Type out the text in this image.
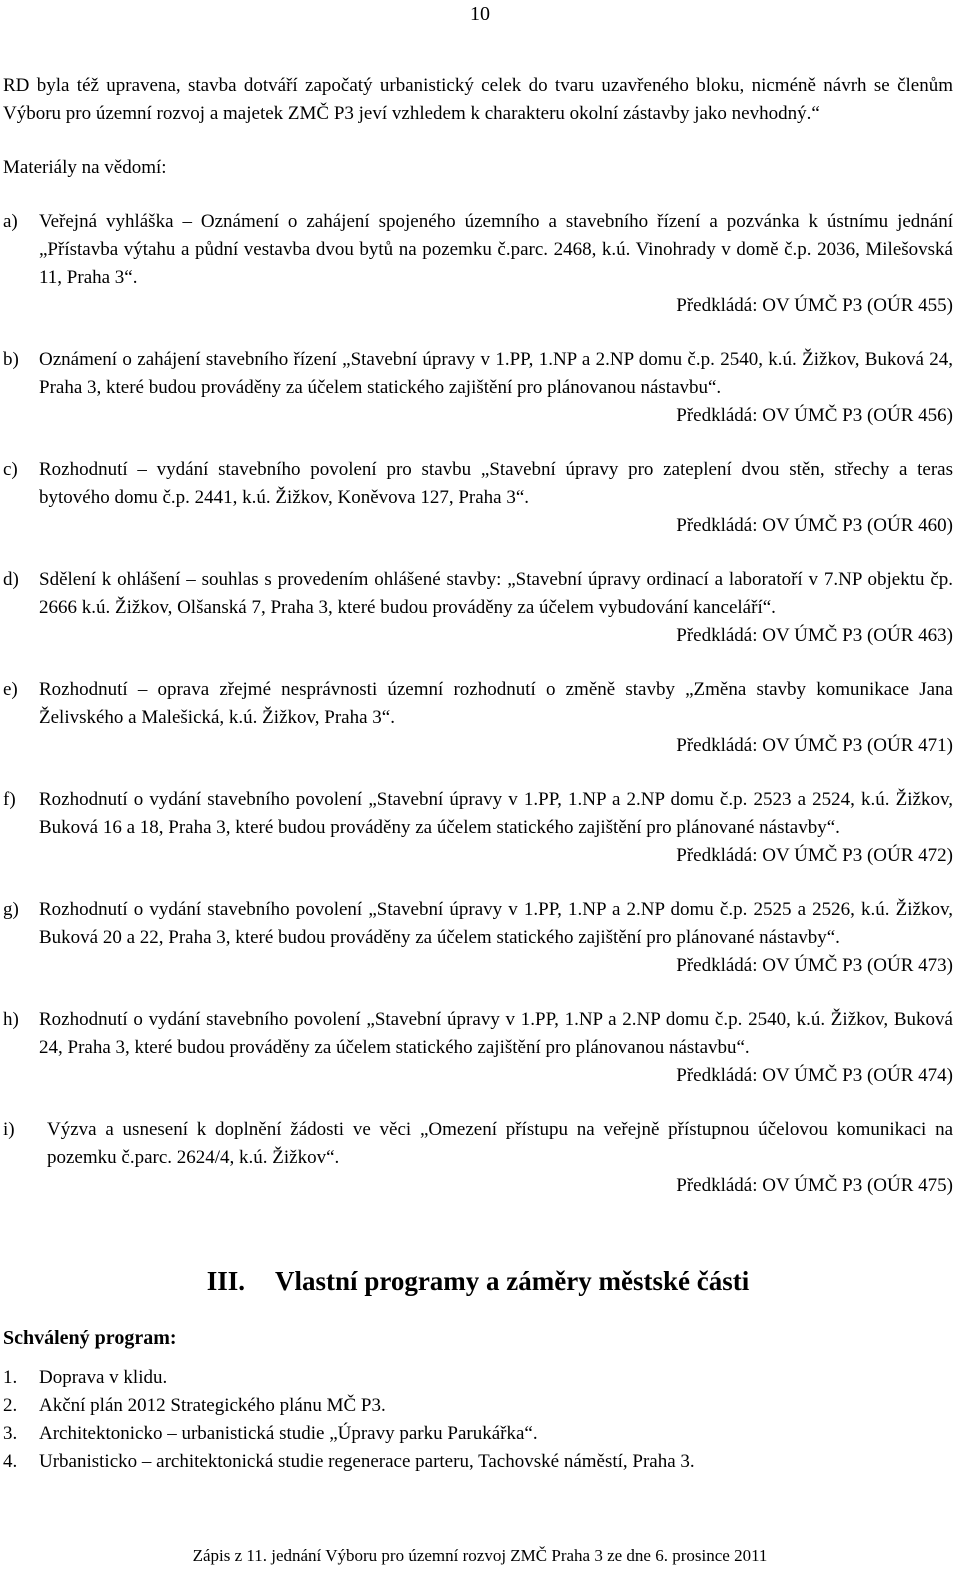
10

RD byla též upravena, stavba dotváří započatý urbanistický celek do tvaru uzavřeného bloku, nicméně návrh se členům Výboru pro územní rozvoj a majetek ZMČ P3 jeví vzhledem k charakteru okolní zástavby jako nevhodný.“

Materiály na vědomí:

a)	Veřejná vyhláška – Oznámení o zahájení spojeného územního a stavebního řízení a pozvánka k ústnímu jednání „Přístavba výtahu a půdní vestavba dvou bytů na pozemku č.parc. 2468, k.ú. Vinohrady v domě č.p. 2036, Milešovská 11, Praha 3“.
Předkládá: OV ÚMČ P3 (OÚR 455)
b)	Oznámení o zahájení stavebního řízení „Stavební úpravy v 1.PP, 1.NP a 2.NP domu č.p. 2540, k.ú. Žižkov, Buková 24, Praha 3, které budou prováděny za účelem statického zajištění pro plánovanou nástavbu“.
Předkládá: OV ÚMČ P3 (OÚR 456)
c)	Rozhodnutí – vydání stavebního povolení pro stavbu „Stavební úpravy pro zateplení dvou stěn, střechy a teras bytového domu č.p. 2441, k.ú. Žižkov, Koněvova 127, Praha 3“.
Předkládá: OV ÚMČ P3 (OÚR 460)
d)	Sdělení k ohlášení – souhlas s provedením ohlášené stavby: „Stavební úpravy ordinací a laboratoří v 7.NP objektu čp. 2666 k.ú. Žižkov, Olšanská 7, Praha 3, které budou prováděny za účelem vybudování kanceláří“.
Předkládá: OV ÚMČ P3 (OÚR 463)
e)	Rozhodnutí – oprava zřejmé nesprávnosti územní rozhodnutí o změně stavby „Změna stavby komunikace Jana Želivského a Malešická, k.ú. Žižkov, Praha 3“.
Předkládá: OV ÚMČ P3 (OÚR 471)
f)	Rozhodnutí o vydání stavebního povolení „Stavební úpravy v 1.PP, 1.NP a 2.NP domu č.p. 2523 a 2524, k.ú. Žižkov, Buková 16 a 18, Praha 3, které budou prováděny za účelem statického zajištění pro plánované nástavby“.
Předkládá: OV ÚMČ P3 (OÚR 472)
g)	Rozhodnutí o vydání stavebního povolení „Stavební úpravy v 1.PP, 1.NP a 2.NP domu č.p. 2525 a 2526, k.ú. Žižkov, Buková 20 a 22, Praha 3, které budou prováděny za účelem statického zajištění pro plánované nástavby“.
Předkládá: OV ÚMČ P3 (OÚR 473)
h)	Rozhodnutí o vydání stavebního povolení „Stavební úpravy v 1.PP, 1.NP a 2.NP domu č.p. 2540, k.ú. Žižkov, Buková 24, Praha 3, které budou prováděny za účelem statického zajištění pro plánovanou nástavbu“.
Předkládá: OV ÚMČ P3 (OÚR 474)
i)	Výzva a usnesení k doplnění žádosti ve věci „Omezení přístupu na veřejně přístupnou účelovou komunikaci na pozemku č.parc. 2624/4, k.ú. Žižkov“.
Předkládá: OV ÚMČ P3 (OÚR 475)
III. Vlastní programy a záměry městské části
Schválený program:
1.	Doprava v klidu.
2.	Akční plán 2012 Strategického plánu MČ P3.
3.	Architektonicko – urbanistická studie „Úpravy parku Parukářka“.
4.	Urbanisticko – architektonická studie regenerace parteru, Tachovské náměstí, Praha 3.
Zápis z 11. jednání Výboru pro územní rozvoj ZMČ Praha 3 ze dne 6. prosince 2011
